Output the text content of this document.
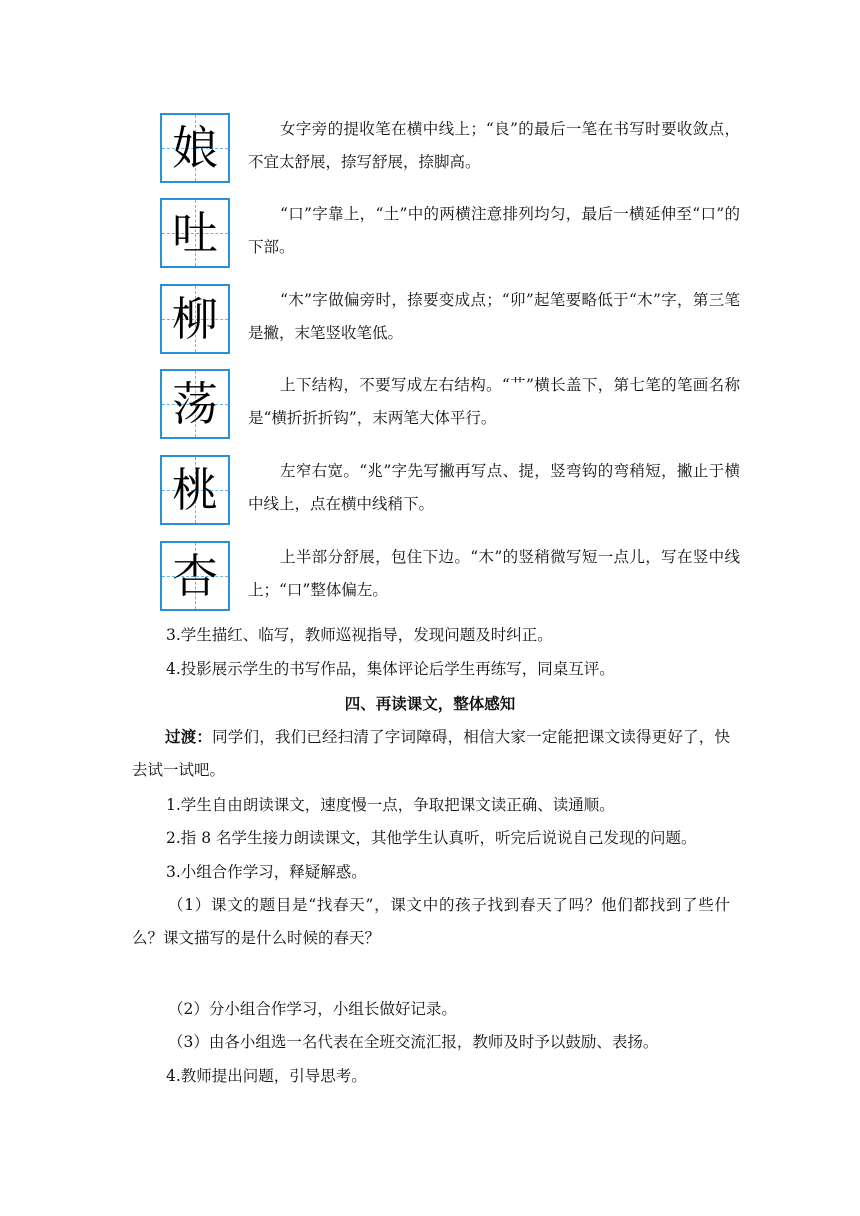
娘	女字旁的提收笔在横中线上；“良”的最后一笔在书写时要收敛点，不宜太舒展，捺写舒展，捺脚高。
吐	“口”字靠上，“土”中的两横注意排列均匀，最后一横延伸至“口”的下部。
柳	“木”字做偏旁时，捺要变成点；“卯”起笔要略低于“木”字，第三笔是撇，末笔竖收笔低。
荡	上下结构，不要写成左右结构。“艹”横长盖下，第七笔的笔画名称是“横折折折钩”，末两笔大体平行。
桃	左窄右宽。“兆”字先写撇再写点、提，竖弯钩的弯稍短，撇止于横中线上，点在横中线稍下。
杏	上半部分舒展，包住下边。“木”的竖稍微写短一点儿，写在竖中线上；“口”整体偏左。
3.学生描红、临写，教师巡视指导，发现问题及时纠正。
4.投影展示学生的书写作品，集体评论后学生再练写，同桌互评。
四、再读课文，整体感知
过渡：同学们，我们已经扫清了字词障碍，相信大家一定能把课文读得更好了，快去试一试吧。
1.学生自由朗读课文，速度慢一点，争取把课文读正确、读通顺。
2.指 8 名学生接力朗读课文，其他学生认真听，听完后说说自己发现的问题。
3.小组合作学习，释疑解惑。
（1）课文的题目是“找春天”，课文中的孩子找到春天了吗？他们都找到了些什么？课文描写的是什么时候的春天？
（2）分小组合作学习，小组长做好记录。
（3）由各小组选一名代表在全班交流汇报，教师及时予以鼓励、表扬。
4.教师提出问题，引导思考。
